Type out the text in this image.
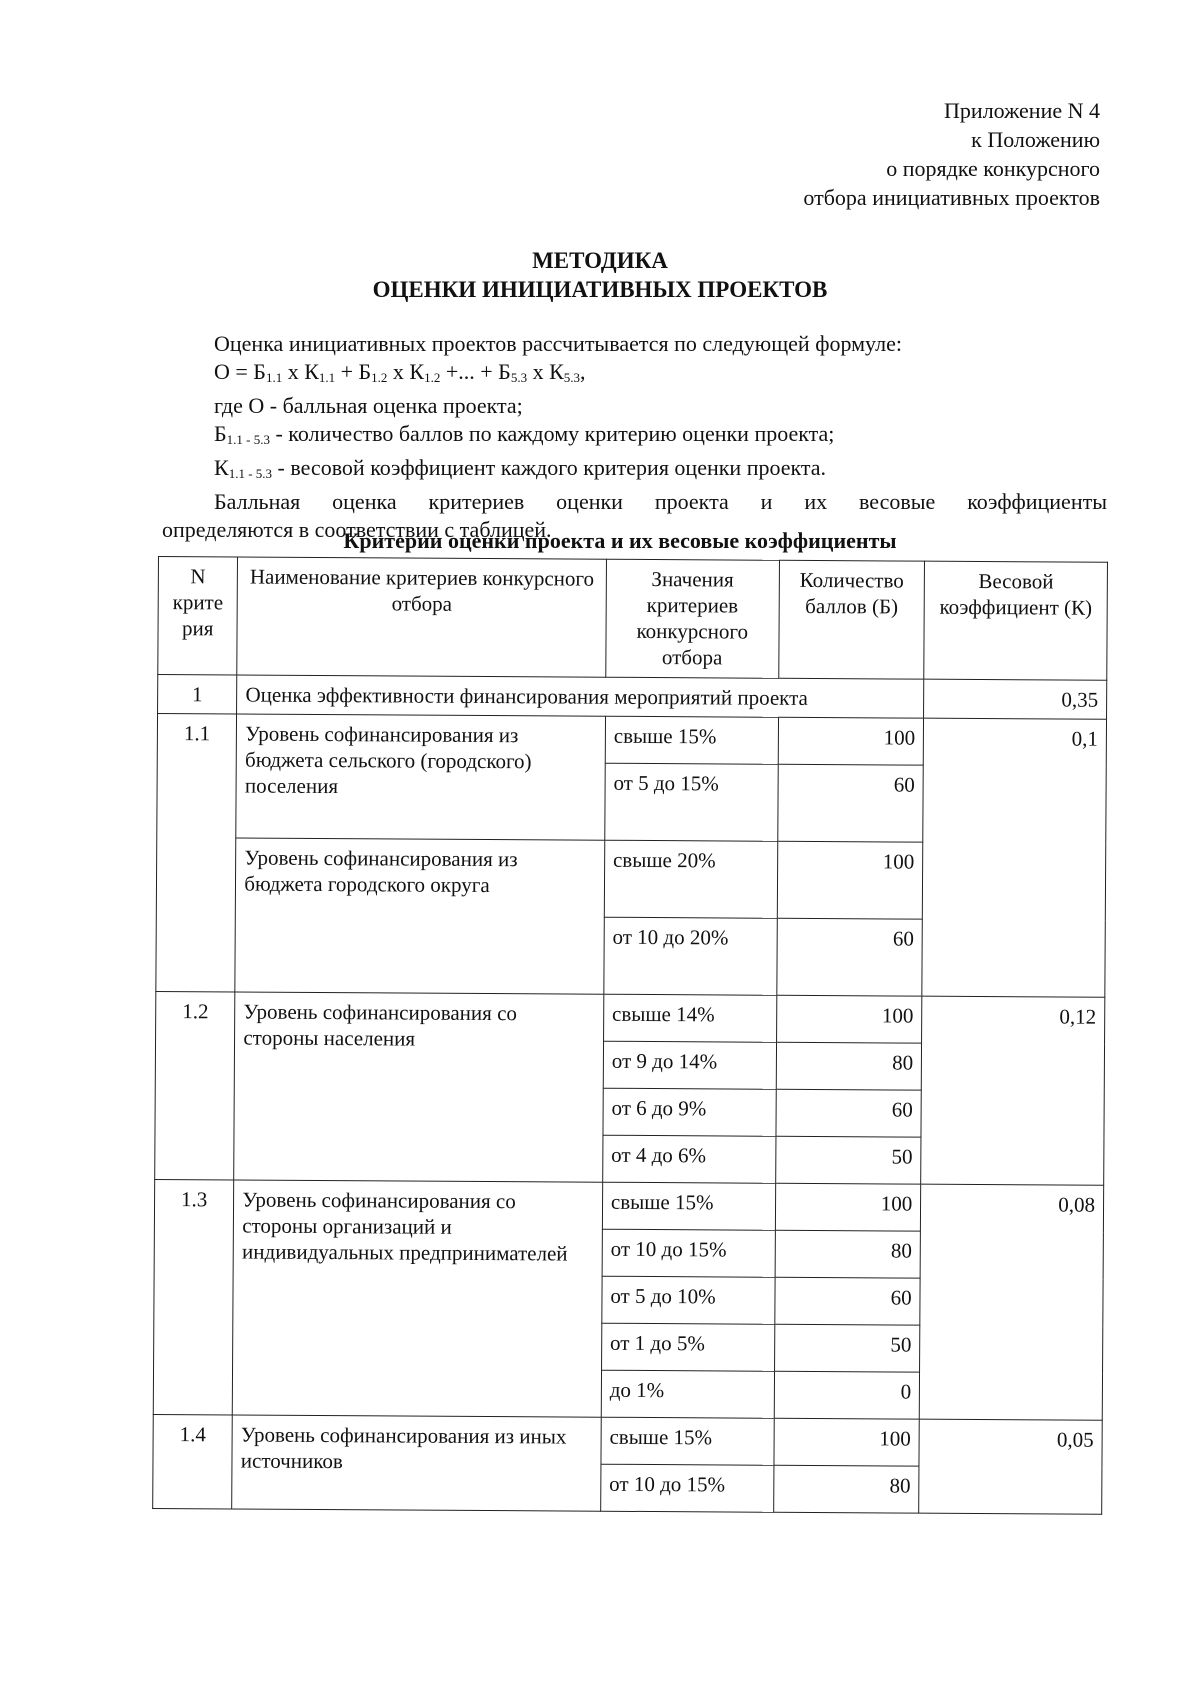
Приложение N 4
к Положению
о порядке конкурсного
отбора инициативных проектов
МЕТОДИКА
ОЦЕНКИ ИНИЦИАТИВНЫХ ПРОЕКТОВ

Оценка инициативных проектов рассчитывается по следующей формуле:

$О = Б_{1.1}$ х $К_{1.1} + Б_{1.2}$ х $К_{1.2}$ +... + $Б_{5.3}$ х $К_{5.3}$,

где О - балльная оценка проекта;

$Б_{1.1 - 5.3}$ - количество баллов по каждому критерию оценки проекта;

$К_{1.1 - 5.3}$ - весовой коэффициент каждого критерия оценки проекта.

Балльная оценка критериев оценки проекта и их весовые коэффициенты

определяются в соответствии с таблицей.

Критерии оценки проекта и их весовые коэффициенты
N крите рия	Наименование критериев конкурсного отбора	Значения критериев конкурсного отбора	Количество баллов (Б)	Весовой коэффициент (К)
1	Оценка эффективности финансирования мероприятий проекта			0,35
1.1	Уровень софинансирования из бюджета сельского (городского) поселения	свыше 15%	100	0,1
		от 5 до 15%	60	
	Уровень софинансирования из бюджета городского округа	свыше 20%	100	
		от 10 до 20%	60	
1.2	Уровень софинансирования со стороны населения	свыше 14%	100	0,12
		от 9 до 14%	80	
		от 6 до 9%	60	
		от 4 до 6%	50	
1.3	Уровень софинансирования со стороны организаций и индивидуальных предпринимателей	свыше 15%	100	0,08
		от 10 до 15%	80	
		от 5 до 10%	60	
		от 1 до 5%	50	
		до 1%	0	
1.4	Уровень софинансирования из иных источников	свыше 15%	100	0,05
		от 10 до 15%	80	
